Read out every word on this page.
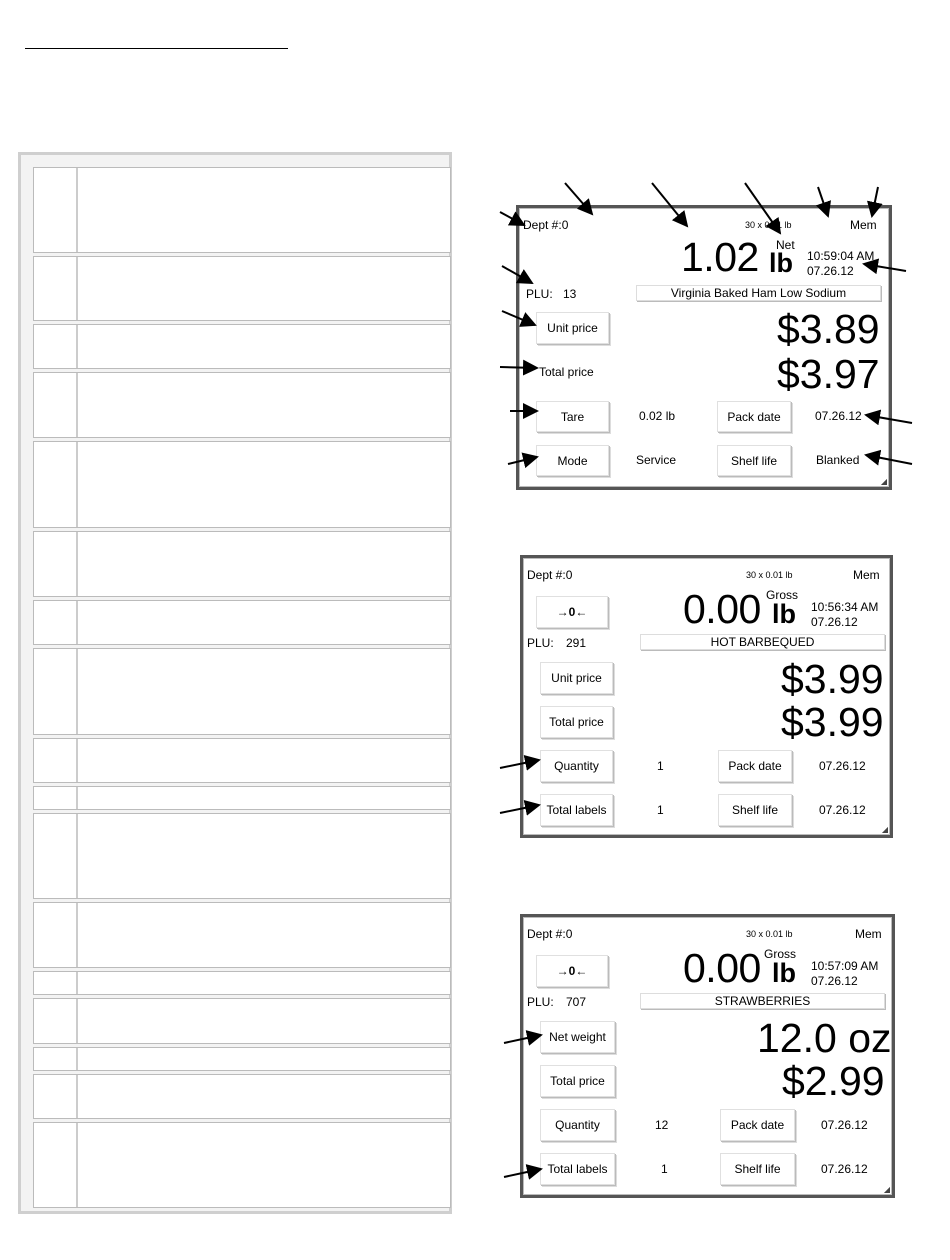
Dept #:0	30 x 0.01 lb	Mem
1.02 Net
lb 10:59:04 AM
07.26.12
PLU: 13	Virginia Baked Ham Low Sodium
Unit price	$3.89
Total price	$3.97
Tare	0.02 lb	Pack date	07.26.12
Mode	Service	Shelf life	Blanked
◢
Dept #:0	30 x 0.01 lb	Mem
→0←	0.00 Gross
lb 10:56:34 AM
07.26.12
PLU: 291	HOT BARBEQUED
Unit price	$3.99
Total price	$3.99
Quantity	1	Pack date	07.26.12
Total labels	1	Shelf life	07.26.12
◢
Dept #:0	30 x 0.01 lb	Mem
→0←	0.00 Gross
lb 10:57:09 AM
07.26.12
PLU: 707	STRAWBERRIES
Net weight	12.0 oz
Total price	$2.99
Quantity	12	Pack date	07.26.12
Total labels	1	Shelf life	07.26.12
◢
